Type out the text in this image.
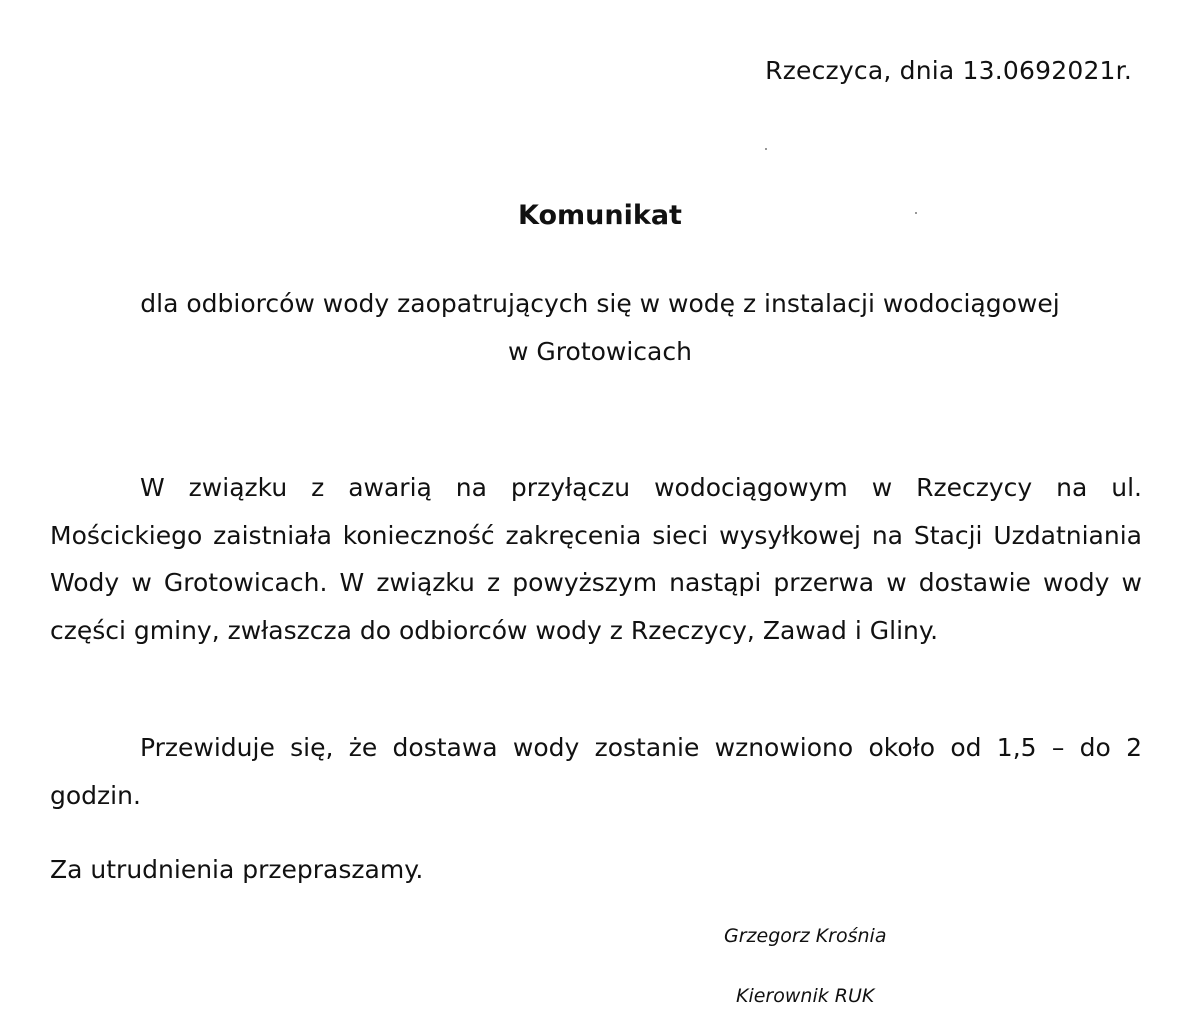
Rzeczyca, dnia 13.0692021r.
Komunikat
dla odbiorców wody zaopatrujących się w wodę z instalacji wodociągowej
w Grotowicach
W związku z awarią na przyłączu wodociągowym w Rzeczycy na ul. Mościckiego zaistniała konieczność zakręcenia sieci wysyłkowej na Stacji Uzdatniania Wody w Grotowicach. W związku z powyższym nastąpi przerwa w dostawie wody w części gminy, zwłaszcza do odbiorców wody z Rzeczycy, Zawad i Gliny.
Przewiduje się, że dostawa wody zostanie wznowiono około od 1,5 – do 2 godzin.
Za utrudnienia przepraszamy.
Grzegorz Krośnia
Kierownik RUK
